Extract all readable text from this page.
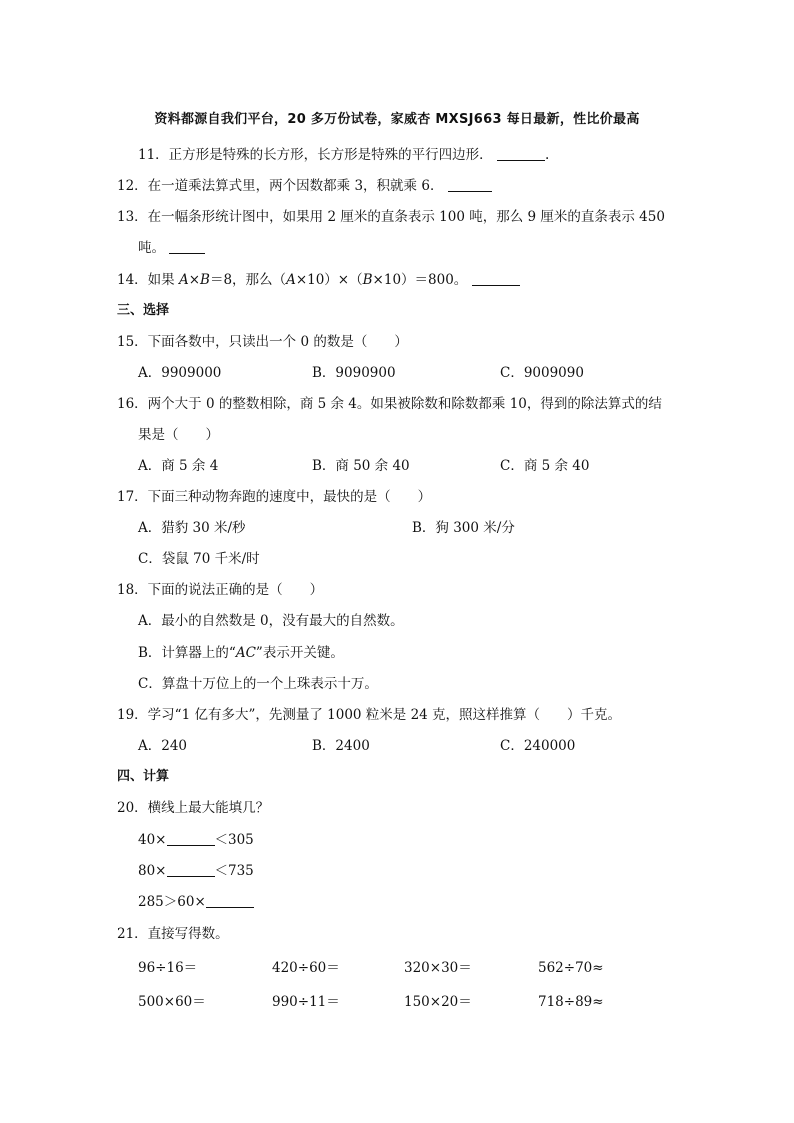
资料都源自我们平台，20 多万份试卷，家威杏 MXSJ663 每日最新，性比价最高
11．正方形是特殊的长方形，长方形是特殊的平行四边形．	.
12．在一道乘法算式里，两个因数都乘 3，积就乘 6．
13．在一幅条形统计图中，如果用 2 厘米的直条表示 100 吨，那么 9 厘米的直条表示 450
吨。
14．如果 A×B＝8，那么（A×10）×（B×10）＝800。
三、选择
15．下面各数中，只读出一个 0 的数是（　　）
A．9909000	B．9090900	C．9009090
16．两个大于 0 的整数相除，商 5 余 4。如果被除数和除数都乘 10，得到的除法算式的结
果是（　　）
A．商 5 余 4	B．商 50 余 40	C．商 5 余 40
17．下面三种动物奔跑的速度中，最快的是（　　）
A．猎豹 30 米/秒	B．狗 300 米/分
C．袋鼠 70 千米/时
18．下面的说法正确的是（　　）
A．最小的自然数是 0，没有最大的自然数。
B．计算器上的“AC”表示开关键。
C．算盘十万位上的一个上珠表示十万。
19．学习“1 亿有多大”，先测量了 1000 粒米是 24 克，照这样推算（　　）千克。
A．240	B．2400	C．240000
四、计算
20．横线上最大能填几？
40×	＜305
80×	＜735
285＞60×
21．直接写得数。
96÷16＝	420÷60＝	320×30＝	562÷70≈
500×60＝	990÷11＝	150×20＝	718÷89≈
